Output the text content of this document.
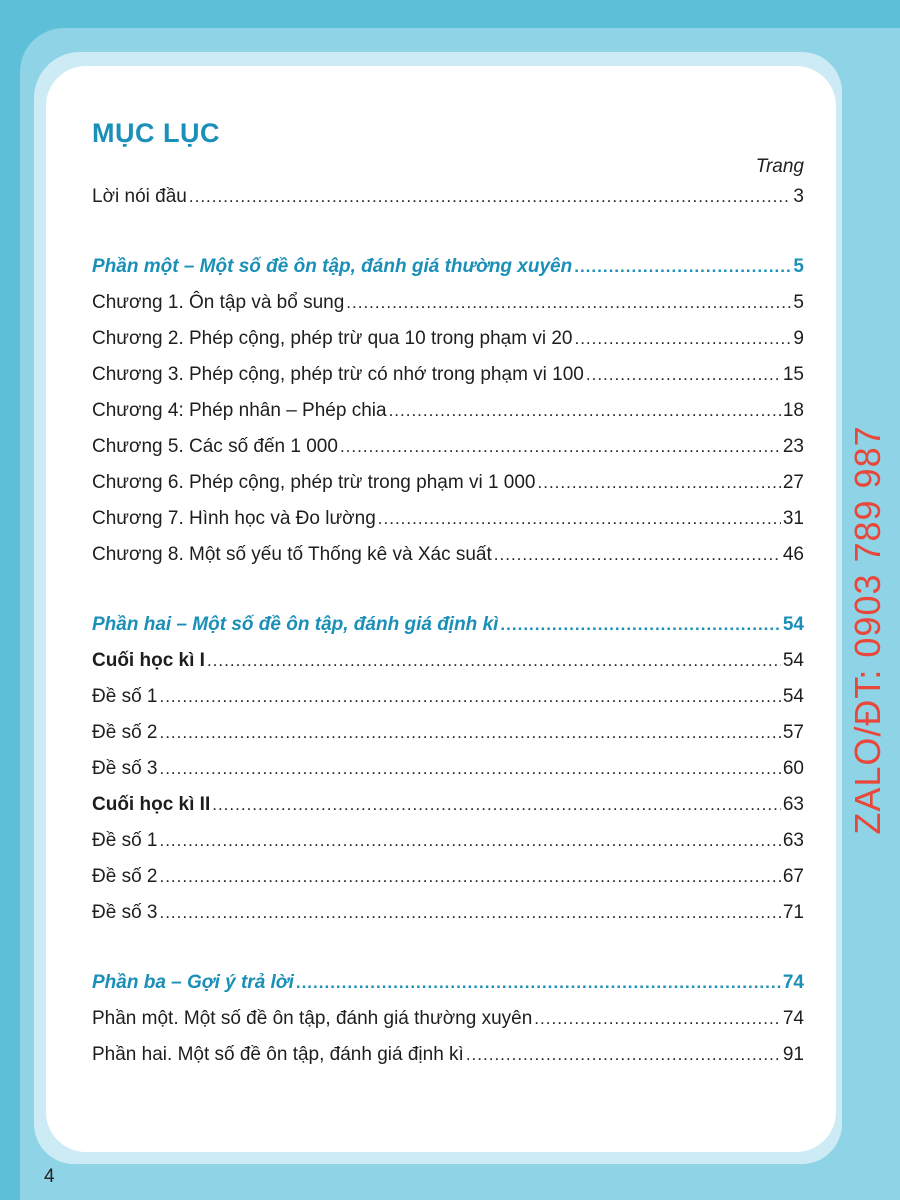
MỤC LỤC
Trang
Lời nói đầu .....	3
Phần một – Một số đề ôn tập, đánh giá thường xuyên .....	5
Chương 1. Ôn tập và bổ sung .....	5
Chương 2. Phép cộng, phép trừ qua 10 trong phạm vi 20 .....	9
Chương 3. Phép cộng, phép trừ có nhớ trong phạm vi 100 .....	15
Chương 4: Phép nhân – Phép chia .....	18
Chương 5. Các số đến 1 000 .....	23
Chương 6. Phép cộng, phép trừ trong phạm vi 1 000 .....	27
Chương 7. Hình học và Đo lường .....	31
Chương 8. Một số yếu tố Thống kê và Xác suất .....	46
Phần hai – Một số đề ôn tập, đánh giá định kì .....	54
Cuối học kì I .....	54
Đề số 1 .....	54
Đề số 2 .....	57
Đề số 3 .....	60
Cuối học kì II .....	63
Đề số 1 .....	63
Đề số 2 .....	67
Đề số 3 .....	71
Phần ba – Gợi ý trả lời .....	74
Phần một. Một số đề ôn tập, đánh giá thường xuyên .....	74
Phần hai. Một số đề ôn tập, đánh giá định kì .....	91
ZALO/ĐT: 0903 789 987
4
